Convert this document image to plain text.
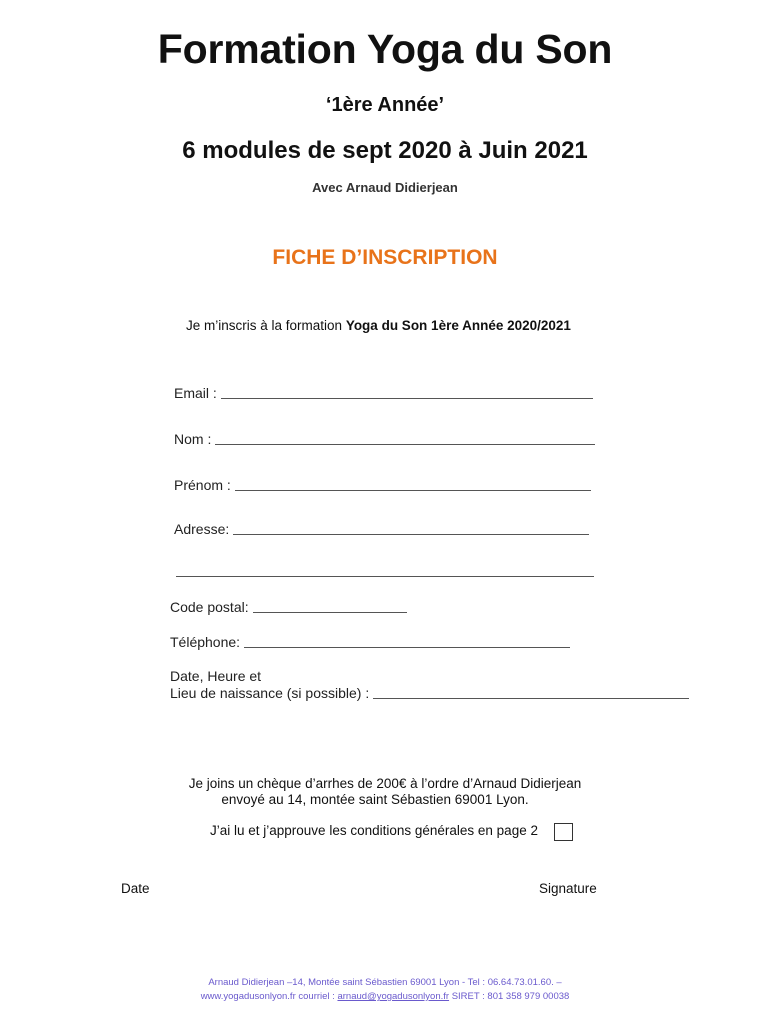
Formation Yoga du Son
‘1ère Année’
6 modules de sept 2020 à Juin 2021
Avec Arnaud Didierjean
FICHE D’INSCRIPTION
Je m’inscris à la formation Yoga du Son 1ère Année 2020/2021
Email :
Nom :
Prénom :
Adresse:
Code postal:
Téléphone:
Date, Heure et
Lieu de naissance (si possible) :
Je joins un chèque d’arrhes de 200€ à l’ordre d’Arnaud Didierjean
envoyé au 14, montée saint Sébastien 69001 Lyon.
J’ai lu et j’approuve les conditions générales en page 2
Date	Signature
Arnaud Didierjean –14, Montée saint Sébastien 69001 Lyon - Tel : 06.64.73.01.60. –
www.yogadusonlyon.fr courriel : arnaud@yogadusonlyon.fr SIRET : 801 358 979 00038
